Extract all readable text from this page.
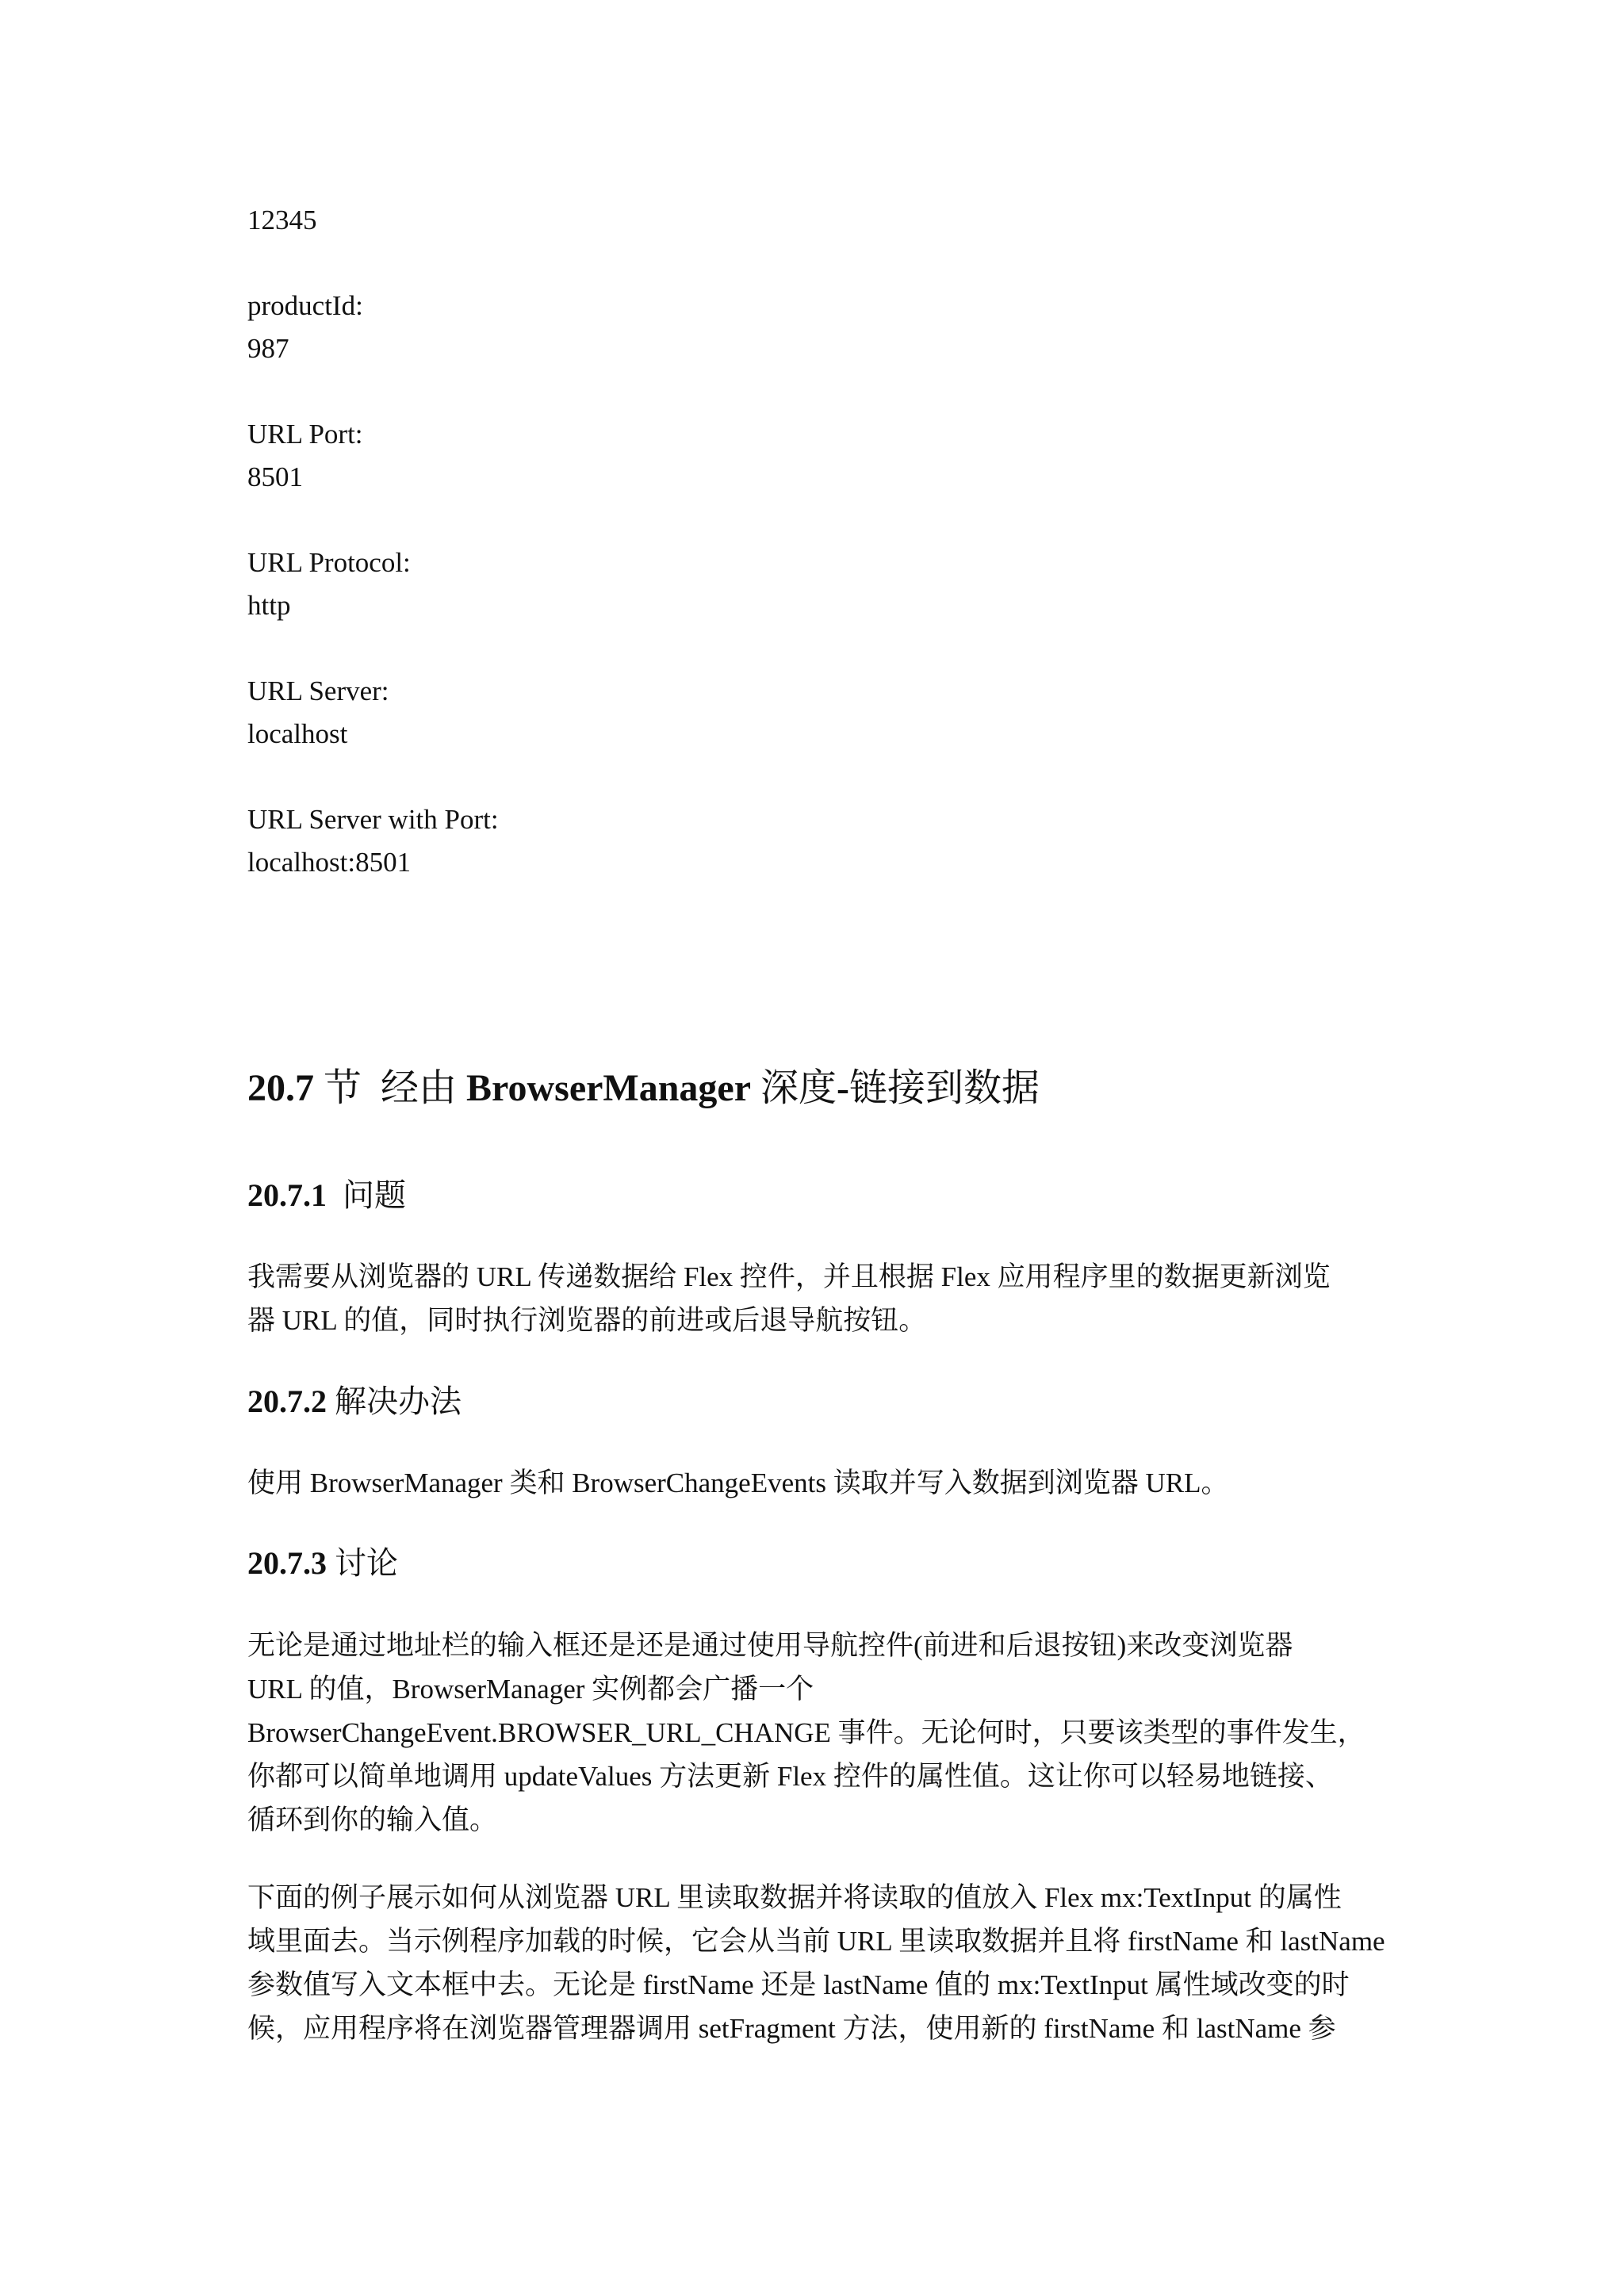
12345
productId:
987
URL Port:
8501
URL Protocol:
http
URL Server:
localhost
URL Server with Port:
localhost:8501
20.7 节  经由 BrowserManager 深度-链接到数据
20.7.1 问题
我需要从浏览器的 URL 传递数据给 Flex 控件，并且根据 Flex 应用程序里的数据更新浏览
器 URL 的值，同时执行浏览器的前进或后退导航按钮。
20.7.2 解决办法
使用 BrowserManager 类和 BrowserChangeEvents 读取并写入数据到浏览器 URL。
20.7.3 讨论
无论是通过地址栏的输入框还是还是通过使用导航控件(前进和后退按钮)来改变浏览器
URL 的值，BrowserManager 实例都会广播一个
BrowserChangeEvent.BROWSER_URL_CHANGE 事件。无论何时，只要该类型的事件发生，
你都可以简单地调用 updateValues 方法更新 Flex 控件的属性值。这让你可以轻易地链接、
循环到你的输入值。
下面的例子展示如何从浏览器 URL 里读取数据并将读取的值放入 Flex mx:TextInput 的属性
域里面去。当示例程序加载的时候，它会从当前 URL 里读取数据并且将 firstName 和 lastName
参数值写入文本框中去。无论是 firstName 还是 lastName 值的 mx:TextInput 属性域改变的时
候，应用程序将在浏览器管理器调用 setFragment 方法，使用新的 firstName 和 lastName 参
